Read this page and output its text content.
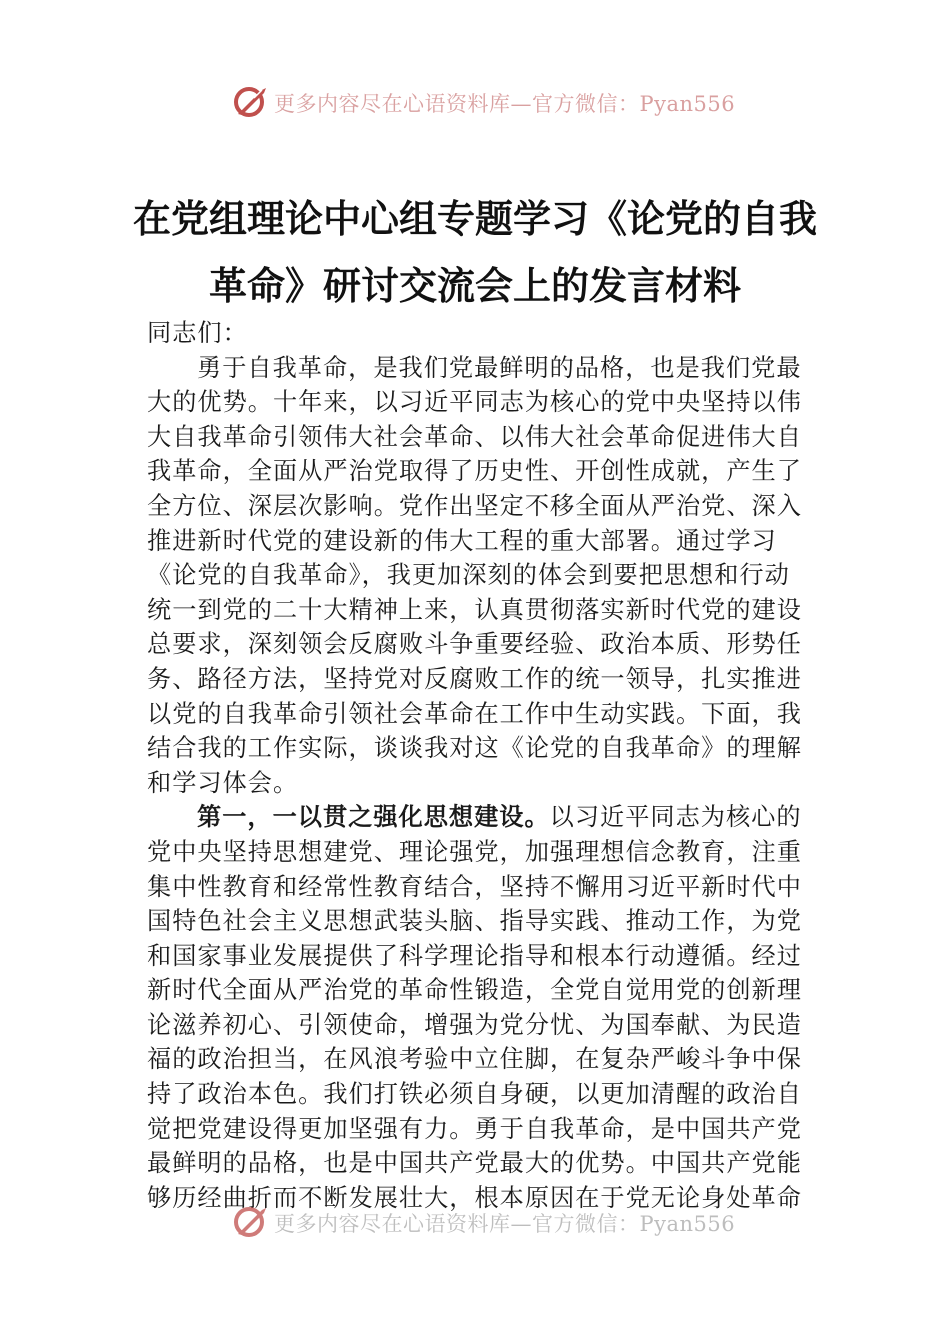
更多内容尽在心语资料库—官方微信：Pyan556
在党组理论中心组专题学习《论党的自我
革命》研讨交流会上的发言材料
同志们：
勇于自我革命，是我们党最鲜明的品格，也是我们党最
大的优势。十年来，以习近平同志为核心的党中央坚持以伟
大自我革命引领伟大社会革命、以伟大社会革命促进伟大自
我革命，全面从严治党取得了历史性、开创性成就，产生了
全方位、深层次影响。党作出坚定不移全面从严治党、深入
推进新时代党的建设新的伟大工程的重大部署。通过学习
《论党的自我革命》，我更加深刻的体会到要把思想和行动
统一到党的二十大精神上来，认真贯彻落实新时代党的建设
总要求，深刻领会反腐败斗争重要经验、政治本质、形势任
务、路径方法，坚持党对反腐败工作的统一领导，扎实推进
以党的自我革命引领社会革命在工作中生动实践。下面，我
结合我的工作实际，谈谈我对这《论党的自我革命》的理解
和学习体会。
第一，一以贯之强化思想建设。以习近平同志为核心的
党中央坚持思想建党、理论强党，加强理想信念教育，注重
集中性教育和经常性教育结合，坚持不懈用习近平新时代中
国特色社会主义思想武装头脑、指导实践、推动工作，为党
和国家事业发展提供了科学理论指导和根本行动遵循。经过
新时代全面从严治党的革命性锻造，全党自觉用党的创新理
论滋养初心、引领使命，增强为党分忧、为国奉献、为民造
福的政治担当，在风浪考验中立住脚，在复杂严峻斗争中保
持了政治本色。我们打铁必须自身硬，以更加清醒的政治自
觉把党建设得更加坚强有力。勇于自我革命，是中国共产党
最鲜明的品格，也是中国共产党最大的优势。中国共产党能
够历经曲折而不断发展壮大，根本原因在于党无论身处革命
更多内容尽在心语资料库—官方微信：Pyan556
